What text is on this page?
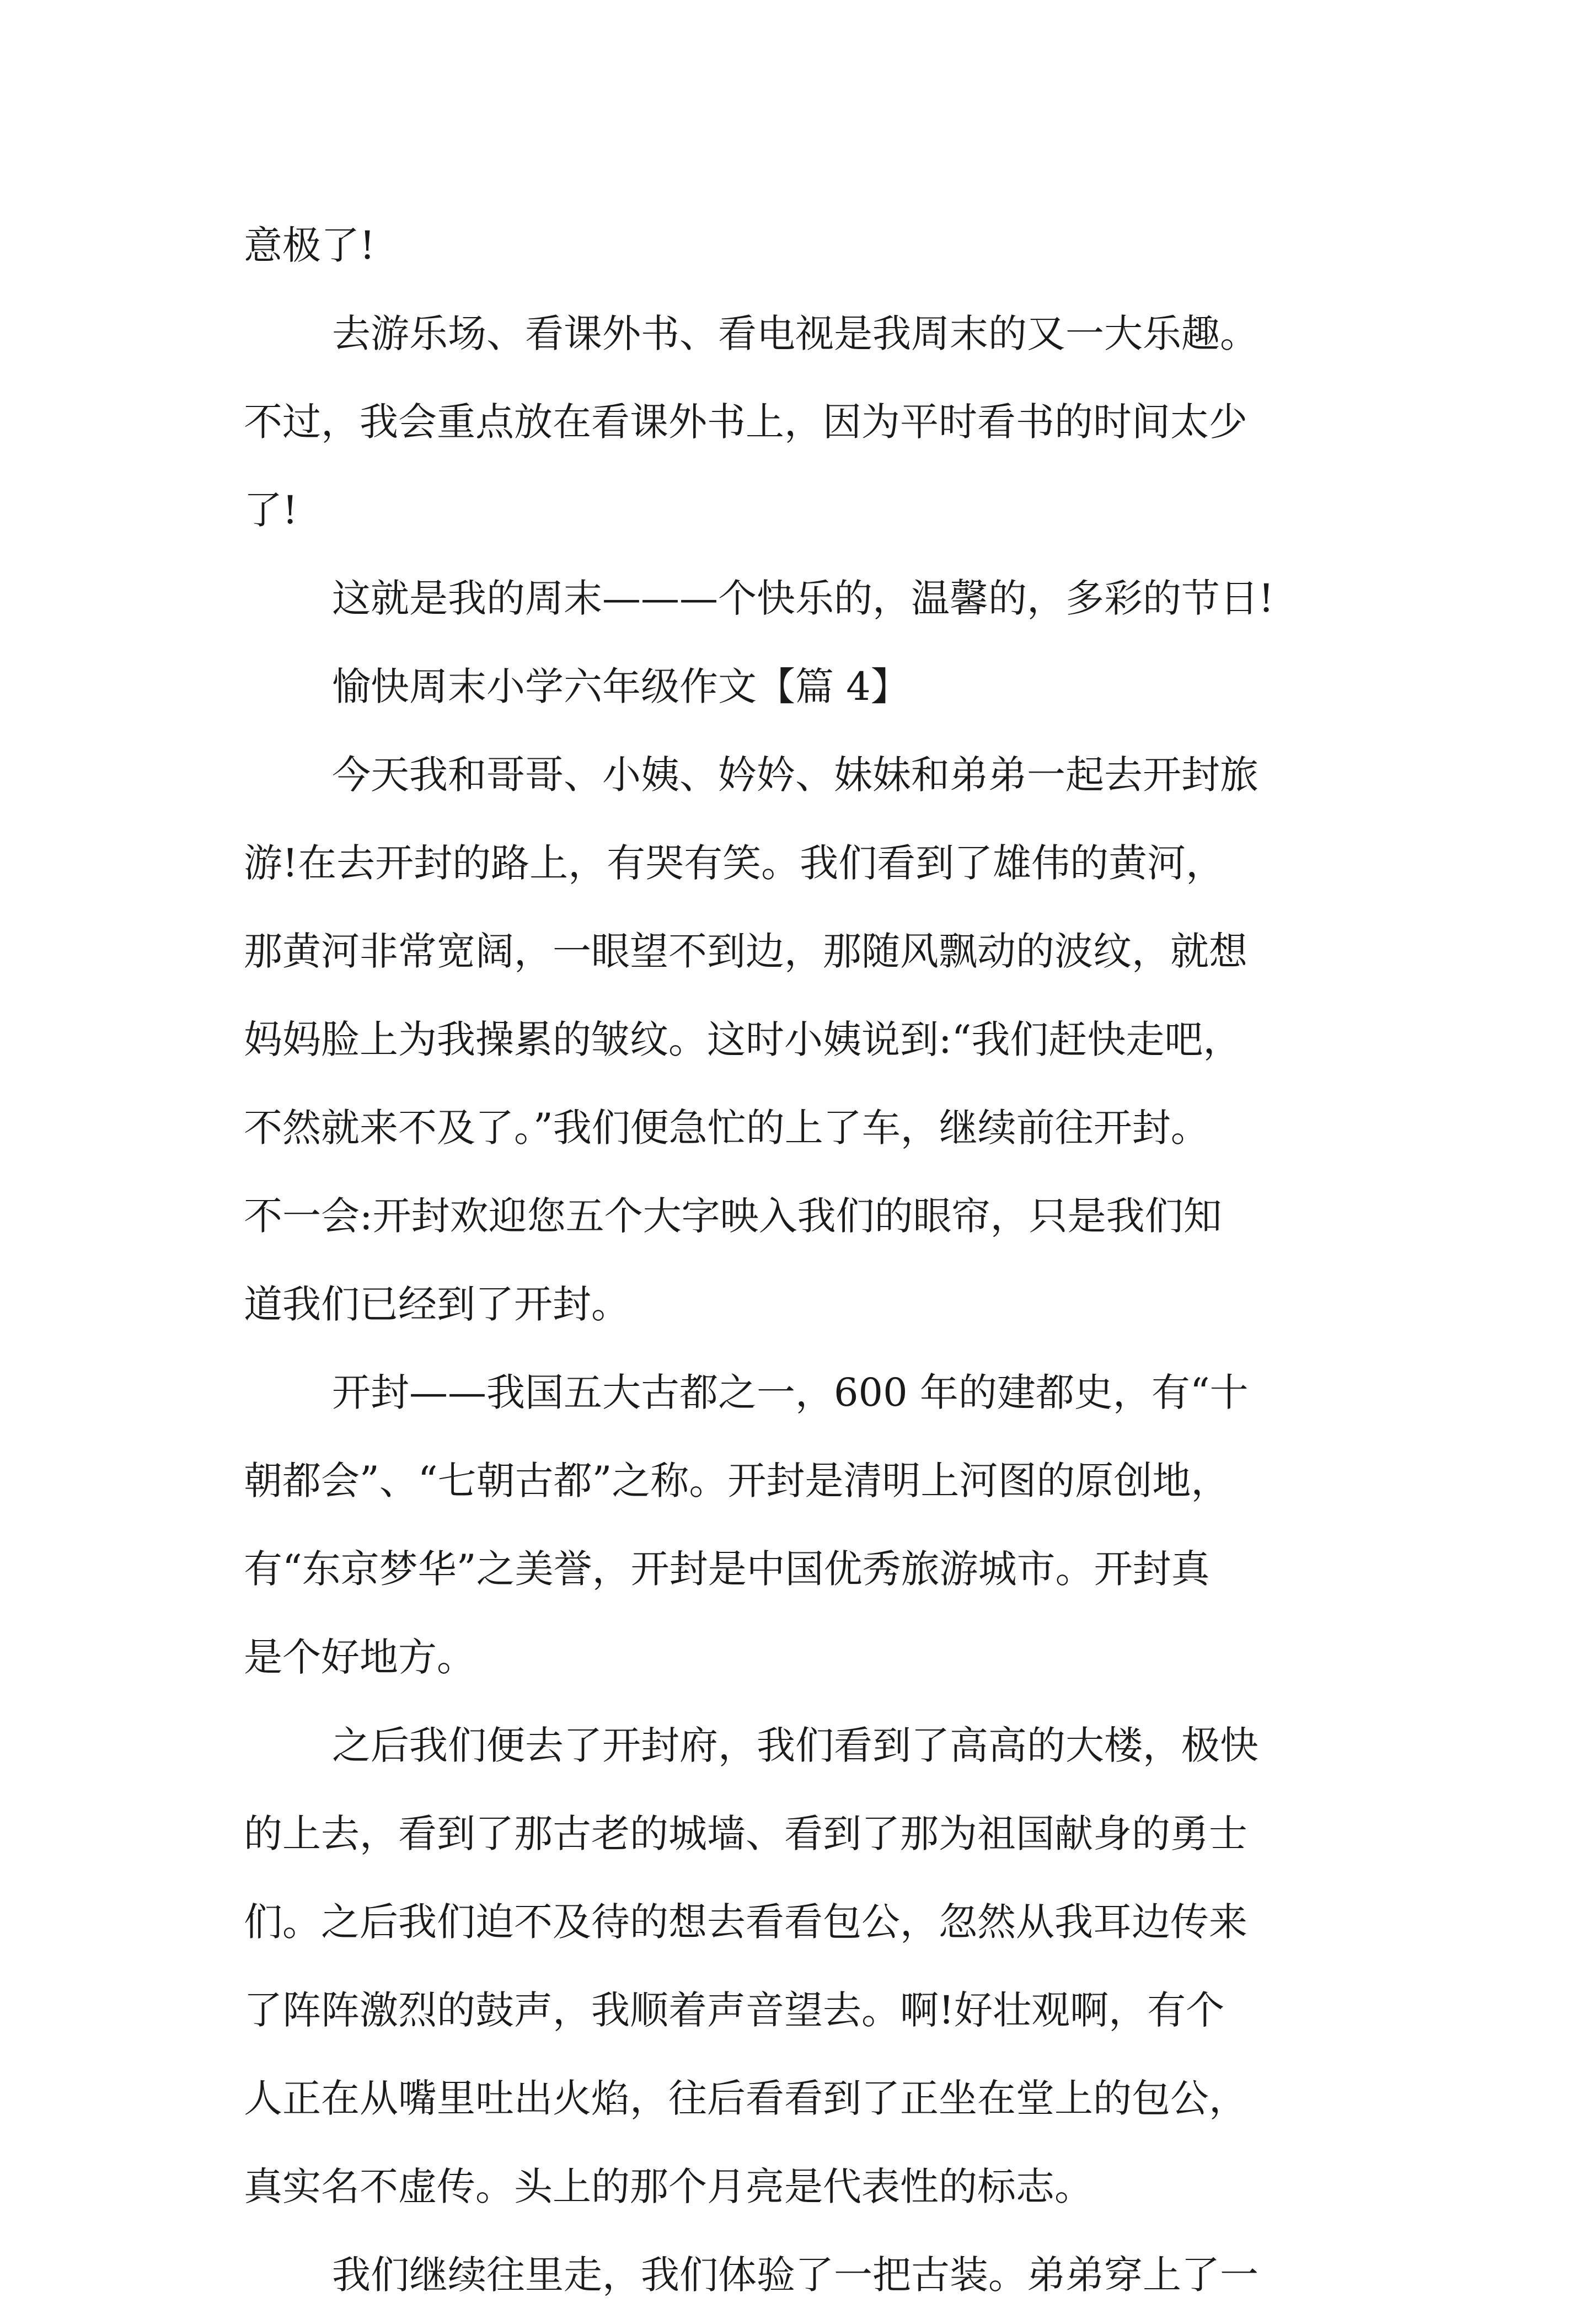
意极了!
去游乐场、看课外书、看电视是我周末的又一大乐趣。
不过，我会重点放在看课外书上，因为平时看书的时间太少
了!
这就是我的周末———个快乐的，温馨的，多彩的节日!
愉快周末小学六年级作文【篇 4】
今天我和哥哥、小姨、妗妗、妹妹和弟弟一起去开封旅
游!在去开封的路上，有哭有笑。我们看到了雄伟的黄河，
那黄河非常宽阔，一眼望不到边，那随风飘动的波纹，就想
妈妈脸上为我操累的皱纹。这时小姨说到:“我们赶快走吧，
不然就来不及了。”我们便急忙的上了车，继续前往开封。
不一会:开封欢迎您五个大字映入我们的眼帘，只是我们知
道我们已经到了开封。
开封——我国五大古都之一，600 年的建都史，有“十
朝都会”、“七朝古都”之称。开封是清明上河图的原创地，
有“东京梦华”之美誉，开封是中国优秀旅游城市。开封真
是个好地方。
之后我们便去了开封府，我们看到了高高的大楼，极快
的上去，看到了那古老的城墙、看到了那为祖国献身的勇士
们。之后我们迫不及待的想去看看包公，忽然从我耳边传来
了阵阵激烈的鼓声，我顺着声音望去。啊!好壮观啊，有个
人正在从嘴里吐出火焰，往后看看到了正坐在堂上的包公，
真实名不虚传。头上的那个月亮是代表性的标志。
我们继续往里走，我们体验了一把古装。弟弟穿上了一
